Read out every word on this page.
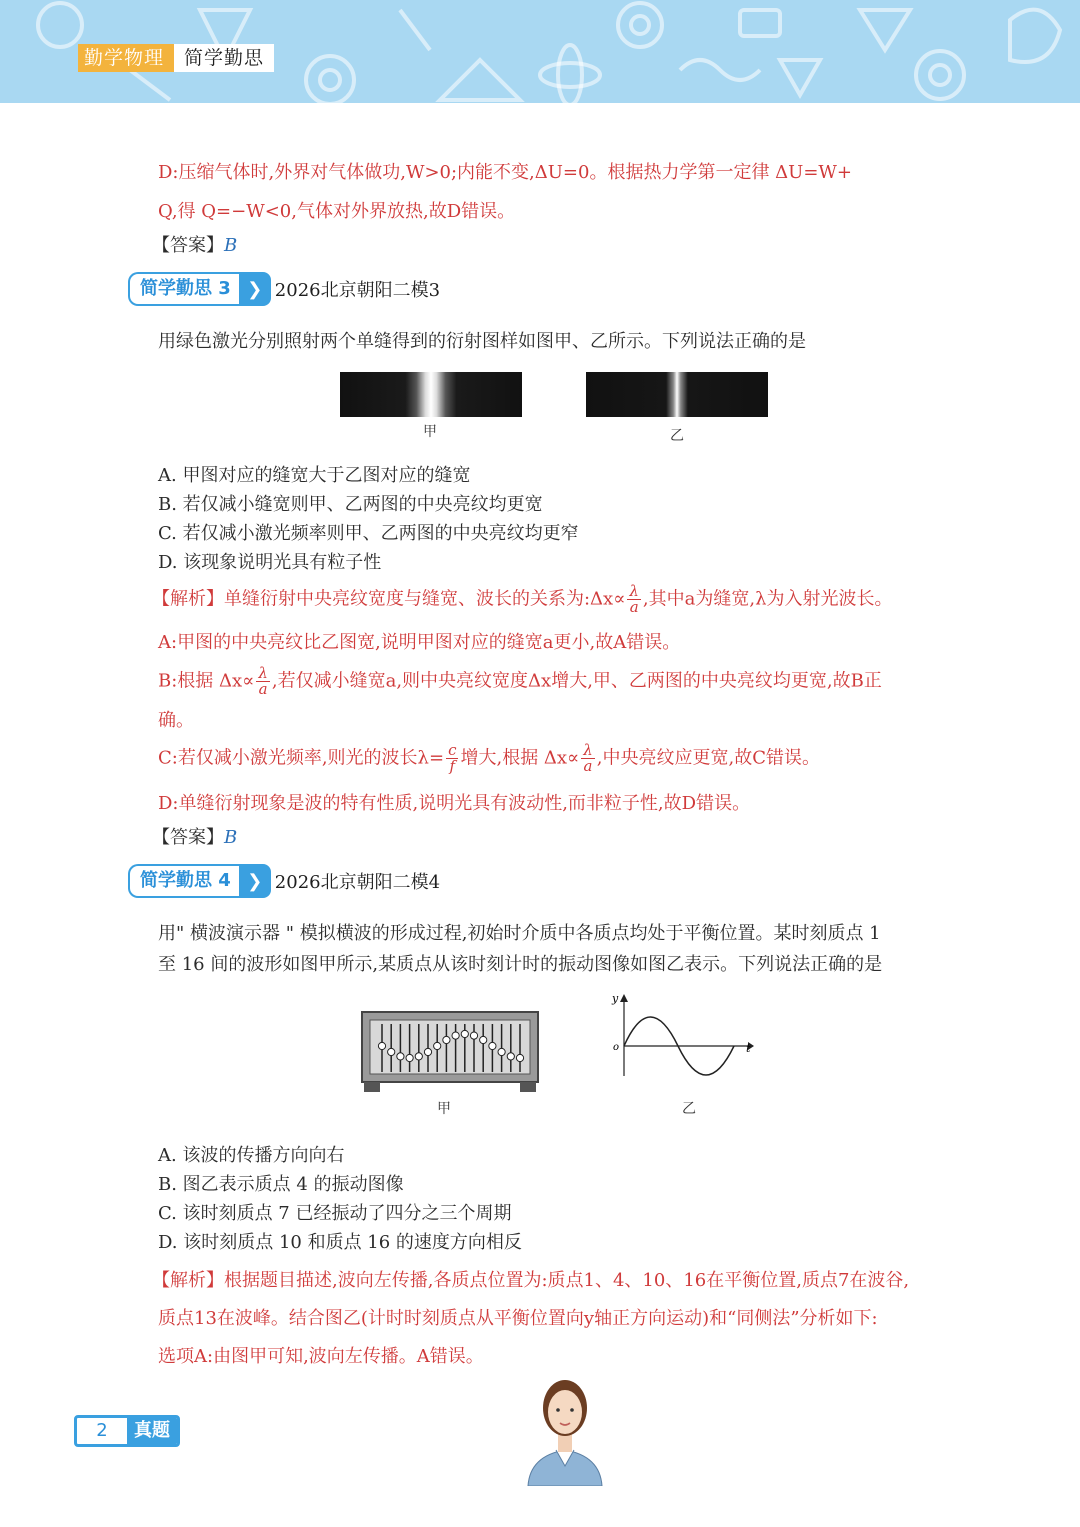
勤学物理	简学勤思
D:压缩气体时,外界对气体做功,W>0;内能不变,ΔU=0。根据热力学第一定律 ΔU=W+
Q,得 Q=−W<0,气体对外界放热,故D错误。
【答案】B
简学勤思 3 ❯ 2026北京朝阳二模3
用绿色激光分别照射两个单缝得到的衍射图样如图甲、乙所示。下列说法正确的是
甲	乙
A. 甲图对应的缝宽大于乙图对应的缝宽
B. 若仅减小缝宽则甲、乙两图的中央亮纹均更宽
C. 若仅减小激光频率则甲、乙两图的中央亮纹均更窄
D. 该现象说明光具有粒子性
【解析】单缝衍射中央亮纹宽度与缝宽、波长的关系为:Δx∝ $\frac{\lambda}{a}$ ,其中a为缝宽,λ为入射光波长。
A:甲图的中央亮纹比乙图宽,说明甲图对应的缝宽a更小,故A错误。
B:根据 $\Delta x\propto \frac{\lambda}{a}$ ,若仅减小缝宽a,则中央亮纹宽度Δx增大,甲、乙两图的中央亮纹均更宽,故B正
确。
C:若仅减小激光频率,则光的波长$\lambda= \frac{c}{f}$ 增大,根据 $\Delta x\propto \frac{\lambda}{a}$ ,中央亮纹应更宽,故C错误。
D:单缝衍射现象是波的特有性质,说明光具有波动性,而非粒子性,故D错误。
【答案】B
简学勤思 4 ❯ 2026北京朝阳二模4
用" 横波演示器 " 模拟横波的形成过程,初始时介质中各质点均处于平衡位置。某时刻质点 1
至 16 间的波形如图甲所示,某质点从该时刻计时的振动图像如图乙表示。下列说法正确的是
甲
y
o	t
乙
A. 该波的传播方向向右
B. 图乙表示质点 4 的振动图像
C. 该时刻质点 7 已经振动了四分之三个周期
D. 该时刻质点 10 和质点 16 的速度方向相反
【解析】根据题目描述,波向左传播,各质点位置为:质点1、4、10、16在平衡位置,质点7在波谷,
质点13在波峰。结合图乙(计时时刻质点从平衡位置向y轴正方向运动)和“同侧法”分析如下:
选项A:由图甲可知,波向左传播。A错误。
2	真题
